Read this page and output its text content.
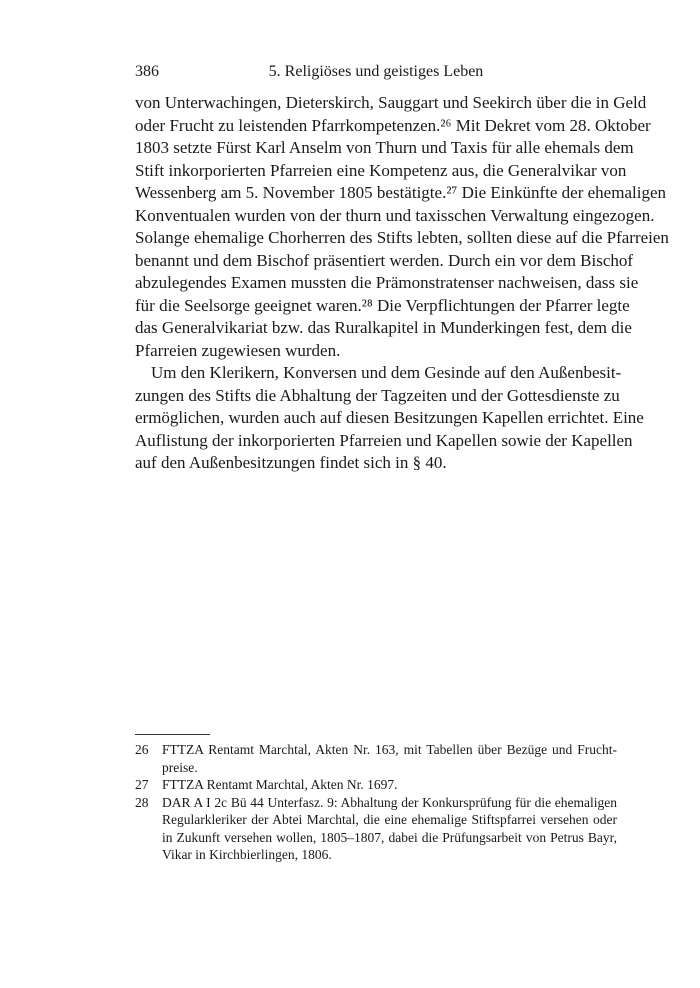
386	5. Religiöses und geistiges Leben
von Unterwachingen, Dieterskirch, Sauggart und Seekirch über die in Geld
oder Frucht zu leistenden Pfarrkompetenzen.²⁶ Mit Dekret vom 28. Oktober
1803 setzte Fürst Karl Anselm von Thurn und Taxis für alle ehemals dem
Stift inkorporierten Pfarreien eine Kompetenz aus, die Generalvikar von
Wessenberg am 5. November 1805 bestätigte.²⁷ Die Einkünfte der ehemaligen
Konventualen wurden von der thurn und taxisschen Verwaltung eingezogen.
Solange ehemalige Chorherren des Stifts lebten, sollten diese auf die Pfarreien
benannt und dem Bischof präsentiert werden. Durch ein vor dem Bischof
abzulegendes Examen mussten die Prämonstratenser nachweisen, dass sie
für die Seelsorge geeignet waren.²⁸ Die Verpflichtungen der Pfarrer legte
das Generalvikariat bzw. das Ruralkapitel in Munderkingen fest, dem die
Pfarreien zugewiesen wurden.
Um den Klerikern, Konversen und dem Gesinde auf den Außenbesit-
zungen des Stifts die Abhaltung der Tagzeiten und der Gottesdienste zu
ermöglichen, wurden auch auf diesen Besitzungen Kapellen errichtet. Eine
Auflistung der inkorporierten Pfarreien und Kapellen sowie der Kapellen
auf den Außenbesitzungen findet sich in § 40.
26 FTTZA Rentamt Marchtal, Akten Nr. 163, mit Tabellen über Bezüge und Frucht-
preise.
27 FTTZA Rentamt Marchtal, Akten Nr. 1697.
28 DAR A I 2c Bü 44 Unterfasz. 9: Abhaltung der Konkursprüfung für die ehemaligen
Regularkleriker der Abtei Marchtal, die eine ehemalige Stiftspfarrei versehen oder
in Zukunft versehen wollen, 1805–1807, dabei die Prüfungsarbeit von Petrus Bayr,
Vikar in Kirchbierlingen, 1806.
